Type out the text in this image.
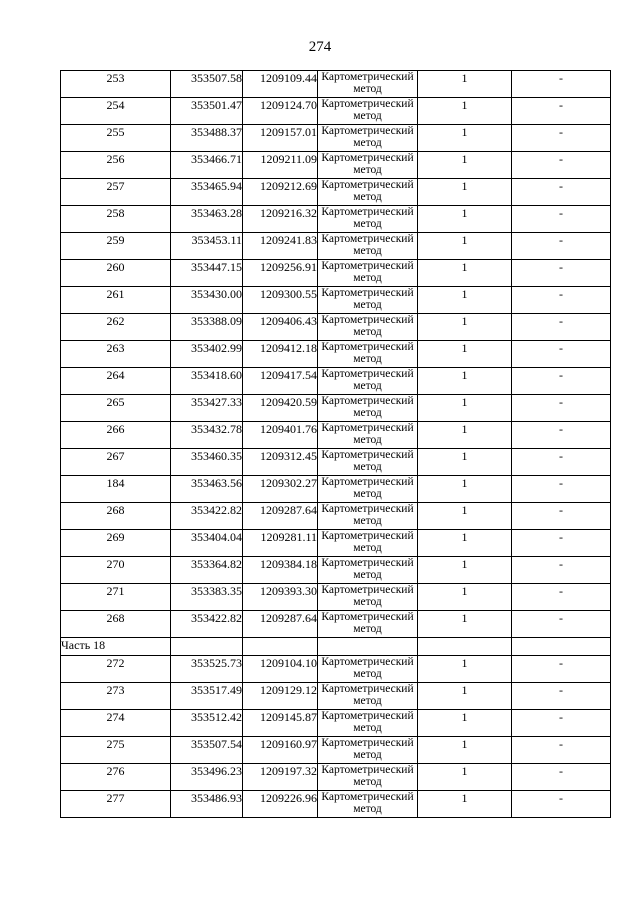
274
253	353507.58	1209109.44	Картометрический метод	1	-
254	353501.47	1209124.70	Картометрический метод	1	-
255	353488.37	1209157.01	Картометрический метод	1	-
256	353466.71	1209211.09	Картометрический метод	1	-
257	353465.94	1209212.69	Картометрический метод	1	-
258	353463.28	1209216.32	Картометрический метод	1	-
259	353453.11	1209241.83	Картометрический метод	1	-
260	353447.15	1209256.91	Картометрический метод	1	-
261	353430.00	1209300.55	Картометрический метод	1	-
262	353388.09	1209406.43	Картометрический метод	1	-
263	353402.99	1209412.18	Картометрический метод	1	-
264	353418.60	1209417.54	Картометрический метод	1	-
265	353427.33	1209420.59	Картометрический метод	1	-
266	353432.78	1209401.76	Картометрический метод	1	-
267	353460.35	1209312.45	Картометрический метод	1	-
184	353463.56	1209302.27	Картометрический метод	1	-
268	353422.82	1209287.64	Картометрический метод	1	-
269	353404.04	1209281.11	Картометрический метод	1	-
270	353364.82	1209384.18	Картометрический метод	1	-
271	353383.35	1209393.30	Картометрический метод	1	-
268	353422.82	1209287.64	Картометрический метод	1	-
Часть 18					
272	353525.73	1209104.10	Картометрический метод	1	-
273	353517.49	1209129.12	Картометрический метод	1	-
274	353512.42	1209145.87	Картометрический метод	1	-
275	353507.54	1209160.97	Картометрический метод	1	-
276	353496.23	1209197.32	Картометрический метод	1	-
277	353486.93	1209226.96	Картометрический метод	1	-
